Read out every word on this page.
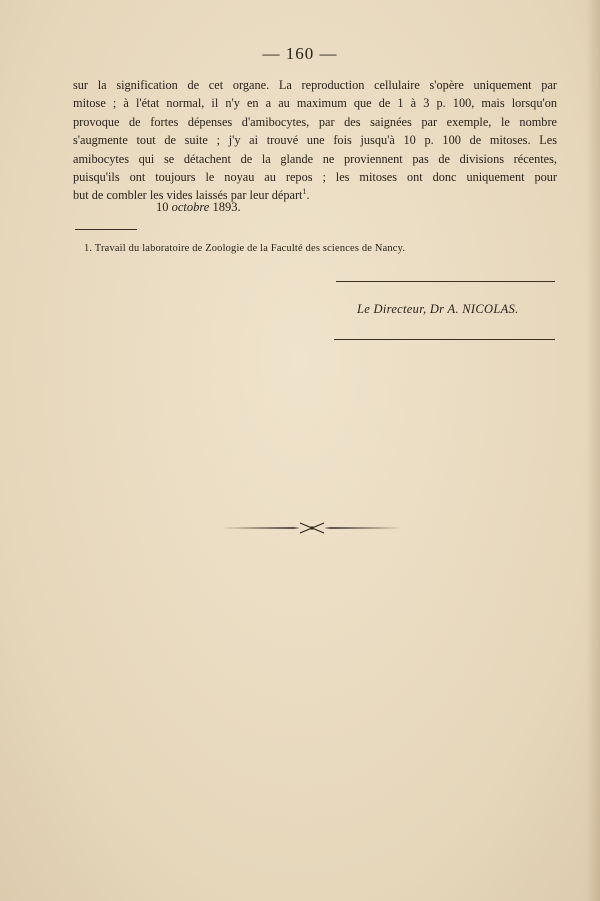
— 160 —
sur la signification de cet organe. La reproduction cellulaire s'opère uniquement par
mitose ; à l'état normal, il n'y en a au maximum que de 1 à 3 p. 100, mais lorsqu'on
provoque de fortes dépenses d'amibocytes, par des saignées par exemple, le nombre
s'augmente tout de suite ; j'y ai trouvé une fois jusqu'à 10 p. 100 de mitoses. Les
amibocytes qui se détachent de la glande ne proviennent pas de divisions récentes,
puisqu'ils ont toujours le noyau au repos ; les mitoses ont donc uniquement pour
but de combler les vides laissés par leur départ$^1$.
10 octobre 1893.
1. Travail du laboratoire de Zoologie de la Faculté des sciences de Nancy.
Le Directeur, Dr A. NICOLAS.
